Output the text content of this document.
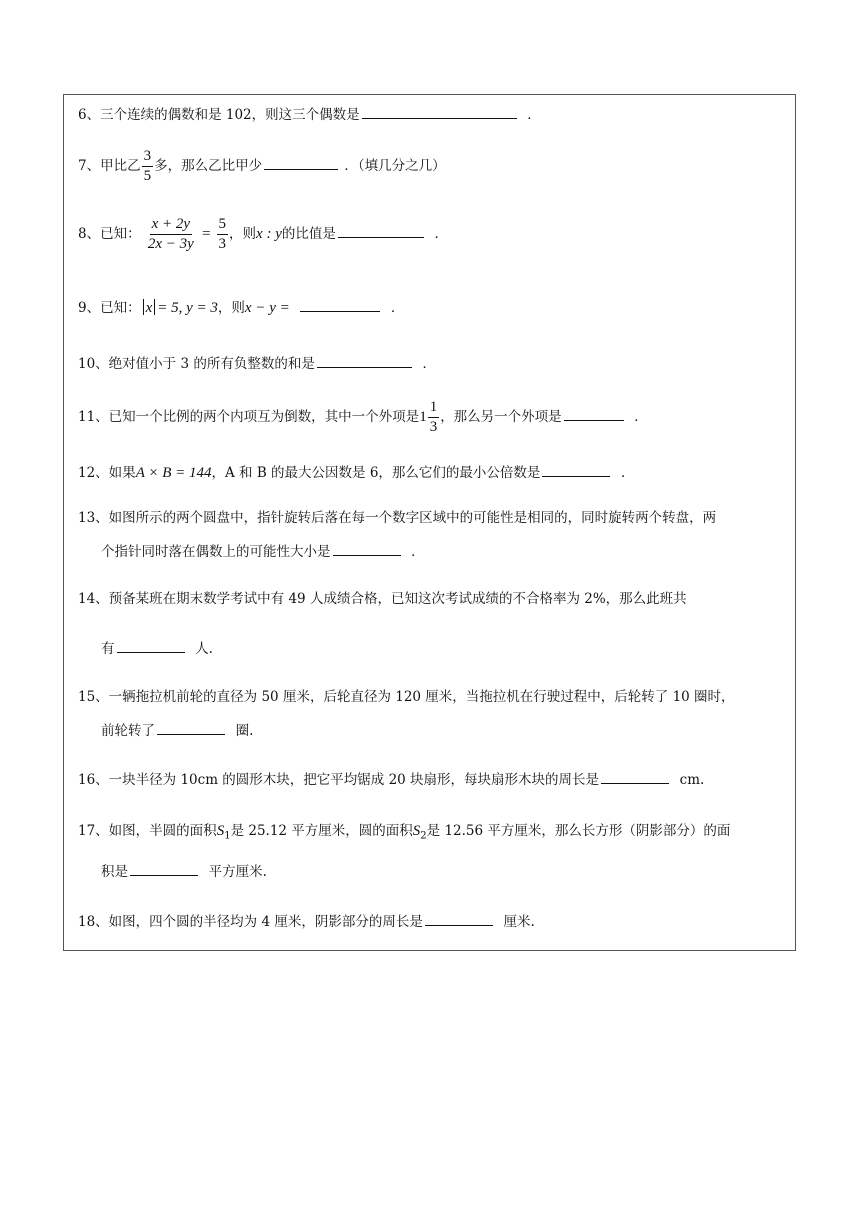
6、三个连续的偶数和是 102，则这三个偶数是	．
7、甲比乙 $\frac{3}{5}$ 多，那么乙比甲少	．（填几分之几）
8、已知： $\frac{x + 2y}{2x - 3y} = \frac{5}{3}$ ，则x : y的比值是	．
9、已知： x = 5, y = 3，则x − y =	．
10、绝对值小于 3 的所有负整数的和是	．
11、已知一个比例的两个内项互为倒数，其中一个外项是$1 \frac{1}{3}$ ，那么另一个外项是	．
12、如果A × B = 144，A 和 B 的最大公因数是 6，那么它们的最小公倍数是	．
13、如图所示的两个圆盘中，指针旋转后落在每一个数字区域中的可能性是相同的，同时旋转两个转盘，两
个指针同时落在偶数上的可能性大小是	．
14、预备某班在期末数学考试中有 49 人成绩合格，已知这次考试成绩的不合格率为 2%，那么此班共
有	人.
15、一辆拖拉机前轮的直径为 50 厘米，后轮直径为 120 厘米，当拖拉机在行驶过程中，后轮转了 10 圈时，
前轮转了	圈.
16、一块半径为 10cm 的圆形木块，把它平均锯成 20 块扇形，每块扇形木块的周长是	cm.
17、如图，半圆的面积$S_1$是 25.12 平方厘米，圆的面积$S_2$是 12.56 平方厘米，那么长方形（阴影部分）的面
积是	平方厘米.
18、如图，四个圆的半径均为 4 厘米，阴影部分的周长是	厘米.
